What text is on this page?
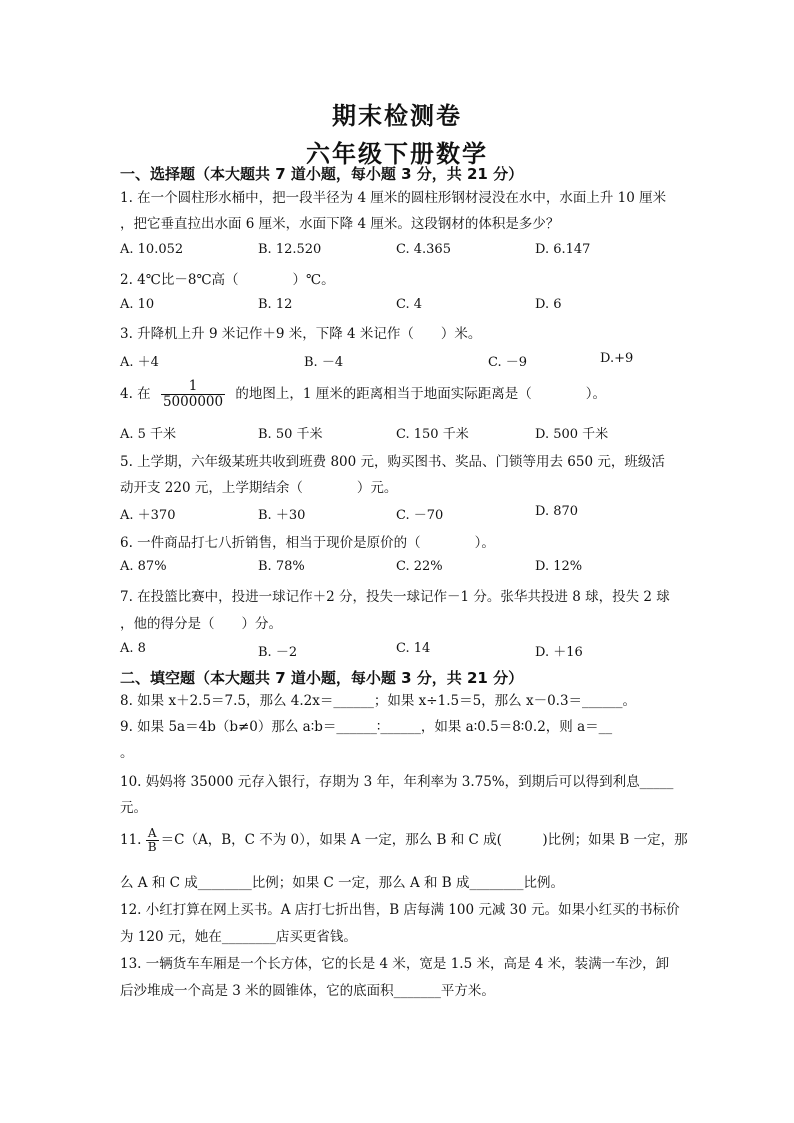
期末检测卷
六年级下册数学
一、选择题（本大题共 7 道小题，每小题 3 分，共 21 分）
1. 在一个圆柱形水桶中，把一段半径为 4 厘米的圆柱形钢材浸没在水中，水面上升 10 厘米
，把它垂直拉出水面 6 厘米，水面下降 4 厘米。这段钢材的体积是多少？
A. 10.052	B. 12.520	C. 4.365	D. 6.147
2. 4℃比－8℃高（　　　　）℃。
A. 10	B. 12	C. 4	D. 6
3. 升降机上升 9 米记作＋9 米，下降 4 米记作（　　）米。
A. ＋4	B. －4	C. －9	D.+9
4. 在 $\frac{1}{5000000}$ 的地图上，1 厘米的距离相当于地面实际距离是（　　　　）。
A. 5 千米	B. 50 千米	C. 150 千米	D. 500 千米
5. 上学期，六年级某班共收到班费 800 元，购买图书、奖品、门锁等用去 650 元，班级活
动开支 220 元，上学期结余（　　　　）元。
A. ＋370	B. ＋30	C. －70	D. 870
6. 一件商品打七八折销售，相当于现价是原价的（　　　　）。
A. 87%	B. 78%	C. 22%	D. 12%
7. 在投篮比赛中，投进一球记作＋2 分，投失一球记作－1 分。张华共投进 8 球，投失 2 球
，他的得分是（　　）分。
A. 8	B. －2	C. 14	D. ＋16
二、填空题（本大题共 7 道小题，每小题 3 分，共 21 分）
8. 如果 x＋2.5＝7.5，那么 4.2x＝______；如果 x÷1.5＝5，那么 x－0.3＝______。
9. 如果 5a＝4b（b≠0）那么 a∶b＝______∶______，如果 a∶0.5＝8∶0.2，则 a＝__
。
10. 妈妈将 35000 元存入银行，存期为 3 年，年利率为 3.75%，到期后可以得到利息_____
元。
11. $\frac{A}{B} =C(A$，B，C 不为 0），如果 A 一定，那么 B 和 C 成(　　　)比例；如果 B 一定，那
么 A 和 C 成________比例；如果 C 一定，那么 A 和 B 成________比例。
12. 小红打算在网上买书。A 店打七折出售，B 店每满 100 元减 30 元。如果小红买的书标价
为 120 元，她在________店买更省钱。
13. 一辆货车车厢是一个长方体，它的长是 4 米，宽是 1.5 米，高是 4 米，装满一车沙，卸
后沙堆成一个高是 3 米的圆锥体，它的底面积_______平方米。
